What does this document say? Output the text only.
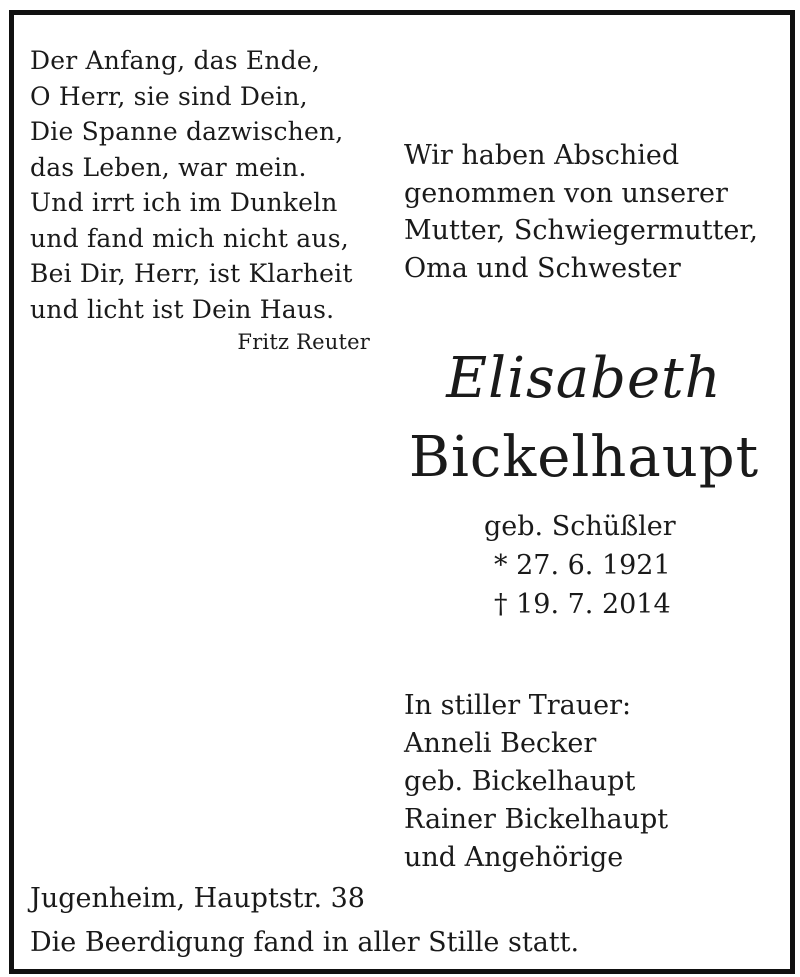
Der Anfang, das Ende,
O Herr, sie sind Dein,
Die Spanne dazwischen,
das Leben, war mein.
Und irrt ich im Dunkeln
und fand mich nicht aus,
Bei Dir, Herr, ist Klarheit
und licht ist Dein Haus.
Fritz Reuter
Wir haben Abschied
genommen von unserer
Mutter, Schwiegermutter,
Oma und Schwester
Elisabeth
Bickelhaupt
geb. Schüßler
* 27. 6. 1921
† 19. 7. 2014
In stiller Trauer:
Anneli Becker
geb. Bickelhaupt
Rainer Bickelhaupt
und Angehörige
Jugenheim, Hauptstr. 38
Die Beerdigung fand in aller Stille statt.
